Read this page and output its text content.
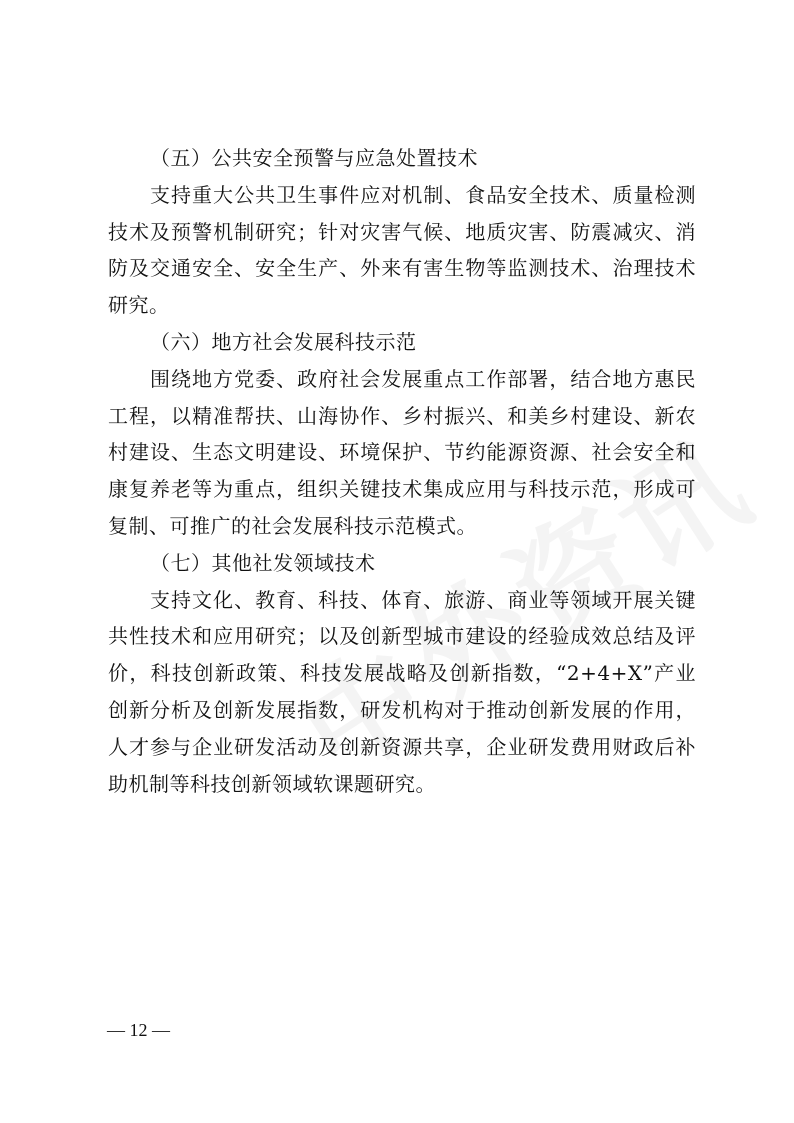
（五）公共安全预警与应急处置技术
支持重大公共卫生事件应对机制、食品安全技术、质量检测
技术及预警机制研究；针对灾害气候、地质灾害、防震减灾、消
防及交通安全、安全生产、外来有害生物等监测技术、治理技术
研究。
（六）地方社会发展科技示范
围绕地方党委、政府社会发展重点工作部署，结合地方惠民
工程，以精准帮扶、山海协作、乡村振兴、和美乡村建设、新农
村建设、生态文明建设、环境保护、节约能源资源、社会安全和
康复养老等为重点，组织关键技术集成应用与科技示范，形成可
复制、可推广的社会发展科技示范模式。
（七）其他社发领域技术
支持文化、教育、科技、体育、旅游、商业等领域开展关键
共性技术和应用研究；以及创新型城市建设的经验成效总结及评
价，科技创新政策、科技发展战略及创新指数，“2+4+X”产业
创新分析及创新发展指数，研发机构对于推动创新发展的作用，
人才参与企业研发活动及创新资源共享，企业研发费用财政后补
助机制等科技创新领域软课题研究。
— 12 —
